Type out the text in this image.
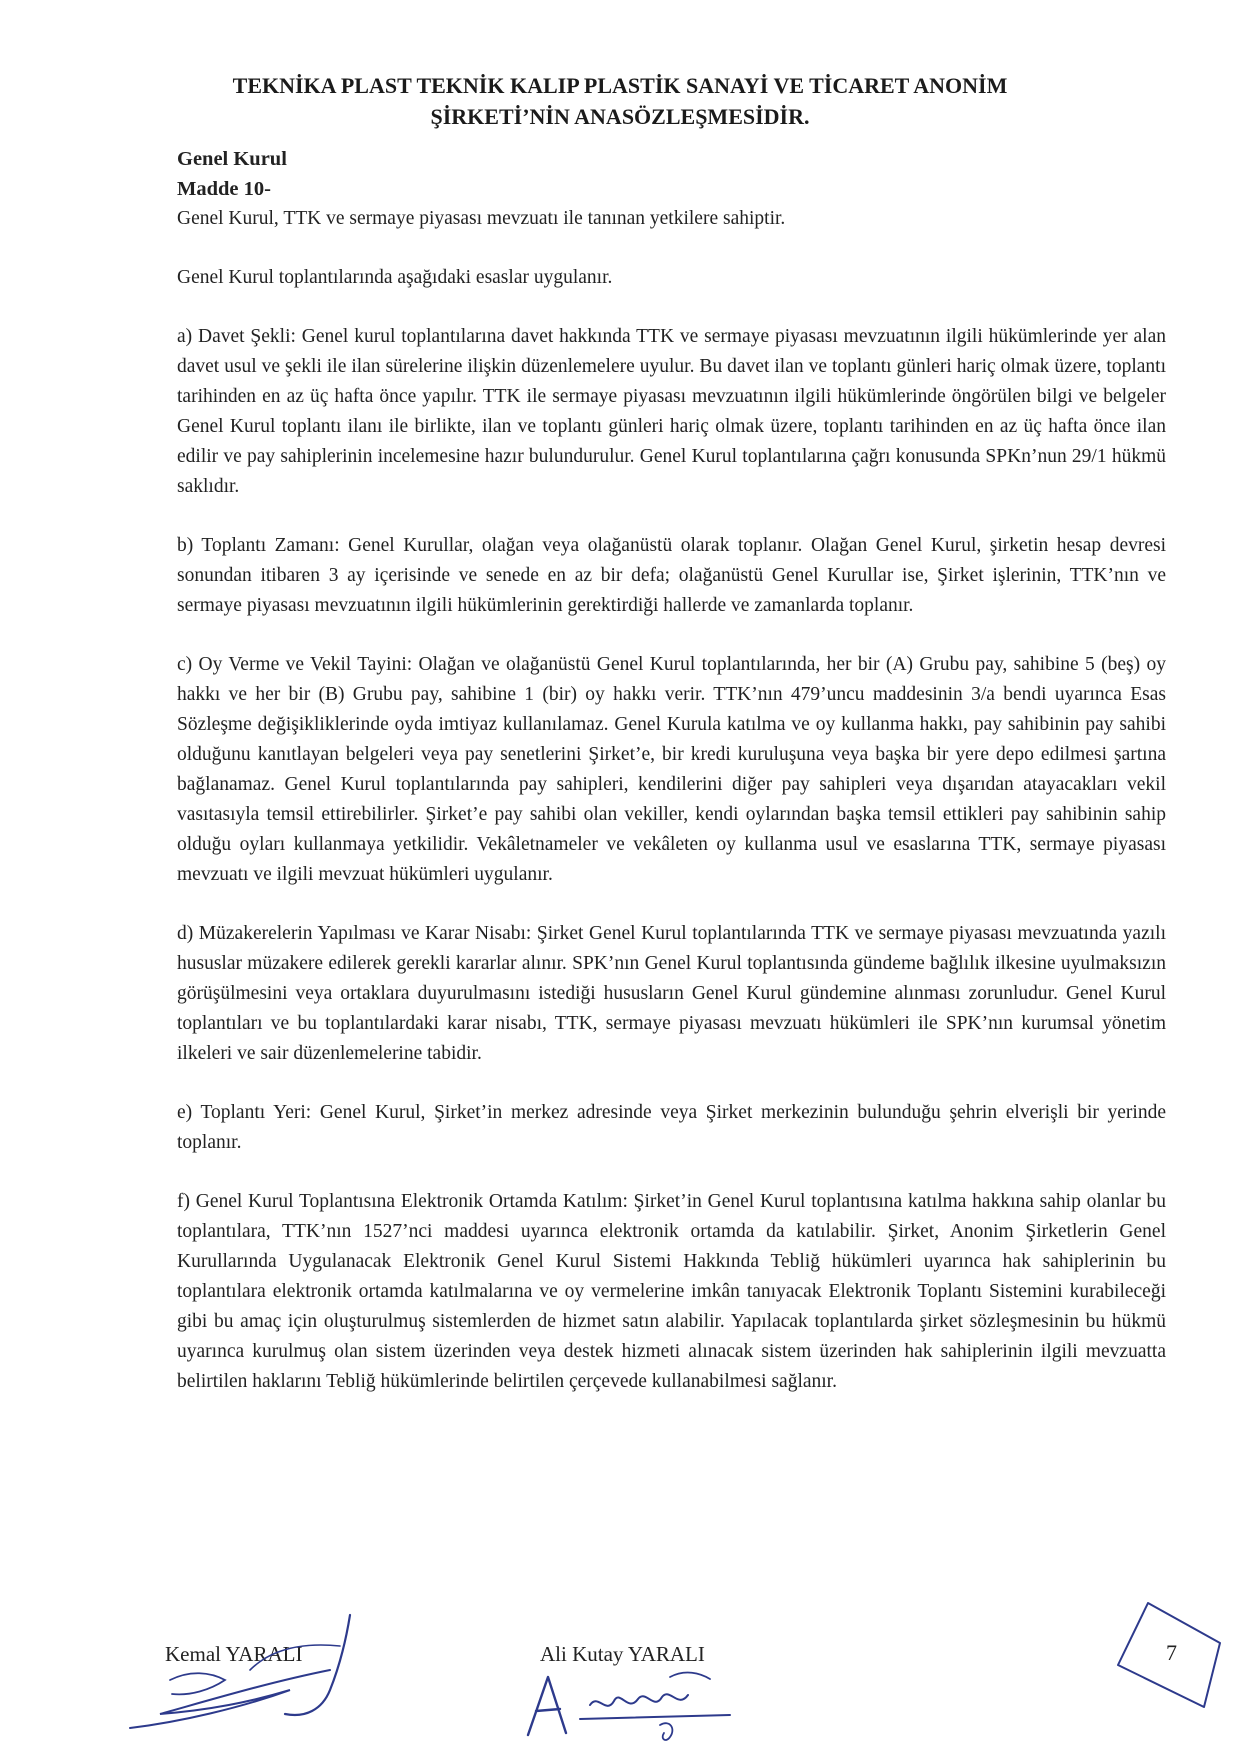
TEKNİKA PLAST TEKNİK KALIP PLASTİK SANAYİ VE TİCARET ANONİM
ŞİRKETİ’NİN ANASÖZLEŞMESİDİR.

Genel Kurul

Madde 10-

Genel Kurul, TTK ve sermaye piyasası mevzuatı ile tanınan yetkilere sahiptir.

Genel Kurul toplantılarında aşağıdaki esaslar uygulanır.

a) Davet Şekli: Genel kurul toplantılarına davet hakkında TTK ve sermaye piyasası mevzuatının ilgili hükümlerinde yer alan davet usul ve şekli ile ilan sürelerine ilişkin düzenlemelere uyulur. Bu davet ilan ve toplantı günleri hariç olmak üzere, toplantı tarihinden en az üç hafta önce yapılır. TTK ile sermaye piyasası mevzuatının ilgili hükümlerinde öngörülen bilgi ve belgeler Genel Kurul toplantı ilanı ile birlikte, ilan ve toplantı günleri hariç olmak üzere, toplantı tarihinden en az üç hafta önce ilan edilir ve pay sahiplerinin incelemesine hazır bulundurulur. Genel Kurul toplantılarına çağrı konusunda SPKn’nun 29/1 hükmü saklıdır.

b) Toplantı Zamanı: Genel Kurullar, olağan veya olağanüstü olarak toplanır. Olağan Genel Kurul, şirketin hesap devresi sonundan itibaren 3 ay içerisinde ve senede en az bir defa; olağanüstü Genel Kurullar ise, Şirket işlerinin, TTK’nın ve sermaye piyasası mevzuatının ilgili hükümlerinin gerektirdiği hallerde ve zamanlarda toplanır.

c) Oy Verme ve Vekil Tayini: Olağan ve olağanüstü Genel Kurul toplantılarında, her bir (A) Grubu pay, sahibine 5 (beş) oy hakkı ve her bir (B) Grubu pay, sahibine 1 (bir) oy hakkı verir. TTK’nın 479’uncu maddesinin 3/a bendi uyarınca Esas Sözleşme değişikliklerinde oyda imtiyaz kullanılamaz. Genel Kurula katılma ve oy kullanma hakkı, pay sahibinin pay sahibi olduğunu kanıtlayan belgeleri veya pay senetlerini Şirket’e, bir kredi kuruluşuna veya başka bir yere depo edilmesi şartına bağlanamaz. Genel Kurul toplantılarında pay sahipleri, kendilerini diğer pay sahipleri veya dışarıdan atayacakları vekil vasıtasıyla temsil ettirebilirler. Şirket’e pay sahibi olan vekiller, kendi oylarından başka temsil ettikleri pay sahibinin sahip olduğu oyları kullanmaya yetkilidir. Vekâletnameler ve vekâleten oy kullanma usul ve esaslarına TTK, sermaye piyasası mevzuatı ve ilgili mevzuat hükümleri uygulanır.

d) Müzakerelerin Yapılması ve Karar Nisabı: Şirket Genel Kurul toplantılarında TTK ve sermaye piyasası mevzuatında yazılı hususlar müzakere edilerek gerekli kararlar alınır. SPK’nın Genel Kurul toplantısında gündeme bağlılık ilkesine uyulmaksızın görüşülmesini veya ortaklara duyurulmasını istediği hususların Genel Kurul gündemine alınması zorunludur. Genel Kurul toplantıları ve bu toplantılardaki karar nisabı, TTK, sermaye piyasası mevzuatı hükümleri ile SPK’nın kurumsal yönetim ilkeleri ve sair düzenlemelerine tabidir.

e) Toplantı Yeri: Genel Kurul, Şirket’in merkez adresinde veya Şirket merkezinin bulunduğu şehrin elverişli bir yerinde toplanır.

f) Genel Kurul Toplantısına Elektronik Ortamda Katılım: Şirket’in Genel Kurul toplantısına katılma hakkına sahip olanlar bu toplantılara, TTK’nın 1527’nci maddesi uyarınca elektronik ortamda da katılabilir. Şirket, Anonim Şirketlerin Genel Kurullarında Uygulanacak Elektronik Genel Kurul Sistemi Hakkında Tebliğ hükümleri uyarınca hak sahiplerinin bu toplantılara elektronik ortamda katılmalarına ve oy vermelerine imkân tanıyacak Elektronik Toplantı Sistemini kurabileceği gibi bu amaç için oluşturulmuş sistemlerden de hizmet satın alabilir. Yapılacak toplantılarda şirket sözleşmesinin bu hükmü uyarınca kurulmuş olan sistem üzerinden veya destek hizmeti alınacak sistem üzerinden hak sahiplerinin ilgili mevzuatta belirtilen haklarını Tebliğ hükümlerinde belirtilen çerçevede kullanabilmesi sağlanır.

Kemal YARALI	Ali Kutay YARALI	7
